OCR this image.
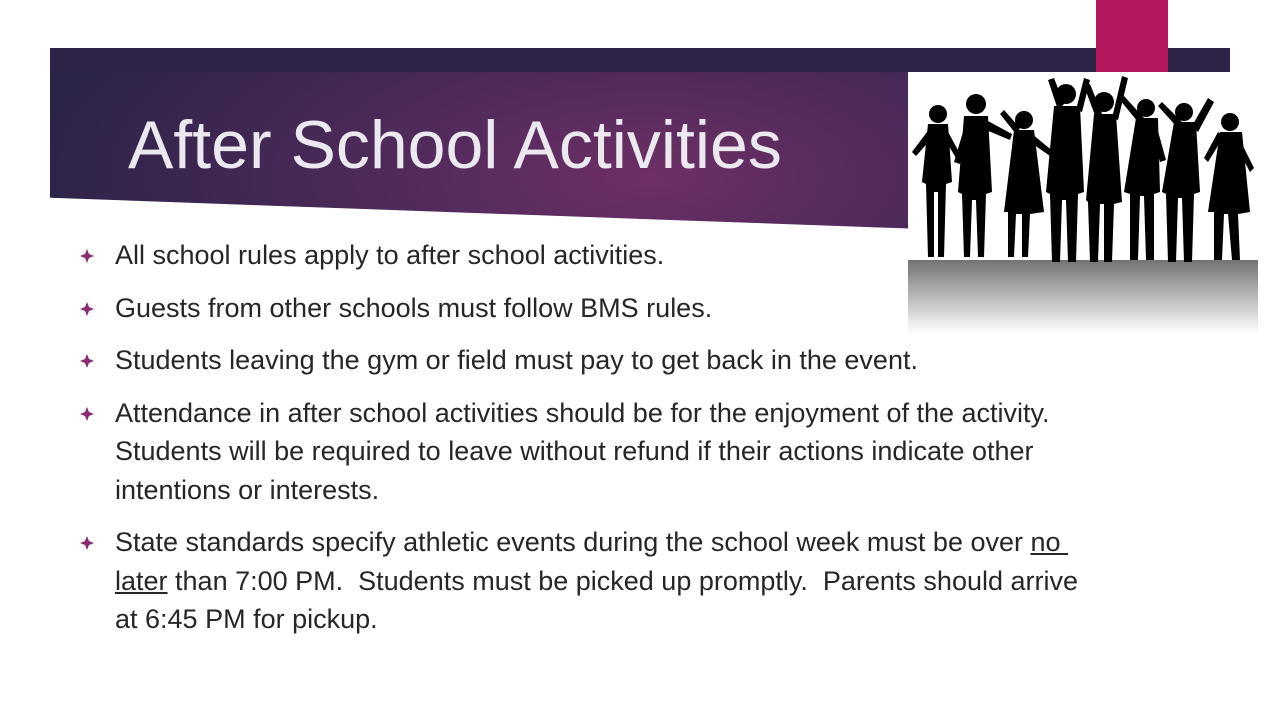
After School Activities
All school rules apply to after school activities.
Guests from other schools must follow BMS rules.
Students leaving the gym or field must pay to get back in the event.
Attendance in after school activities should be for the enjoyment of the activity.  Students will be required to leave without refund if their actions indicate other intentions or interests.
State standards specify athletic events during the school week must be over no later than 7:00 PM.  Students must be picked up promptly.  Parents should arrive at 6:45 PM for pickup.
